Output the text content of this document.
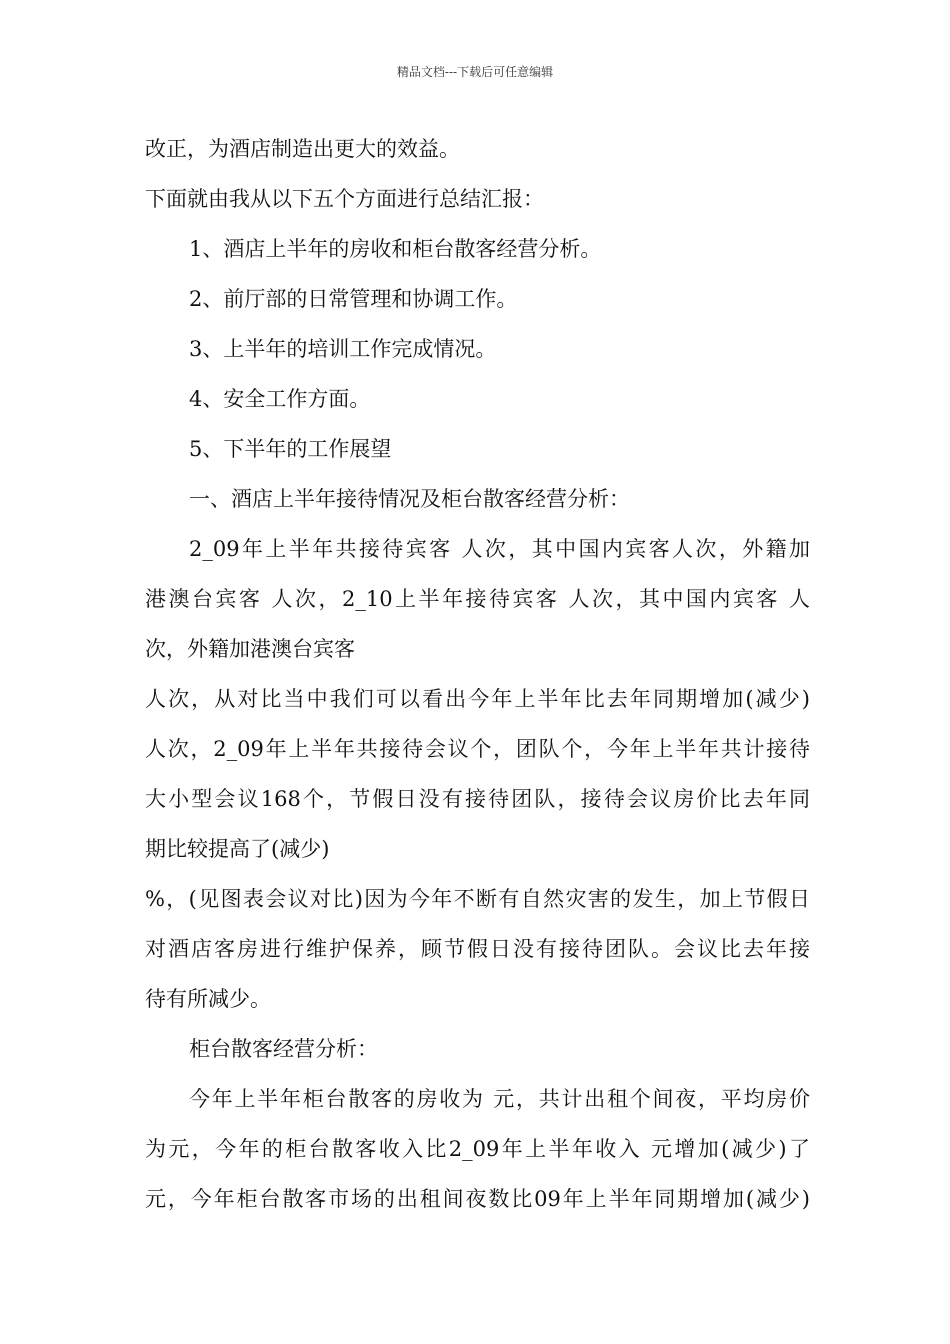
精品文档---下载后可任意编辑
改正，为酒店制造出更大的效益。
下面就由我从以下五个方面进行总结汇报：
1、酒店上半年的房收和柜台散客经营分析。
2、前厅部的日常管理和协调工作。
3、上半年的培训工作完成情况。
4、安全工作方面。
5、下半年的工作展望
一、酒店上半年接待情况及柜台散客经营分析：
2_09年上半年共接待宾客 人次，其中国内宾客人次，外籍加
港澳台宾客 人次，2_10上半年接待宾客 人次，其中国内宾客 人
次，外籍加港澳台宾客
人次，从对比当中我们可以看出今年上半年比去年同期增加(减少)
人次，2_09年上半年共接待会议个，团队个，今年上半年共计接待
大小型会议168个，节假日没有接待团队，接待会议房价比去年同
期比较提高了(减少)
%，(见图表会议对比)因为今年不断有自然灾害的发生，加上节假日
对酒店客房进行维护保养，顾节假日没有接待团队。会议比去年接
待有所减少。
柜台散客经营分析：
今年上半年柜台散客的房收为 元，共计出租个间夜，平均房价
为元，今年的柜台散客收入比2_09年上半年收入 元增加(减少)了
元，今年柜台散客市场的出租间夜数比09年上半年同期增加(减少)
